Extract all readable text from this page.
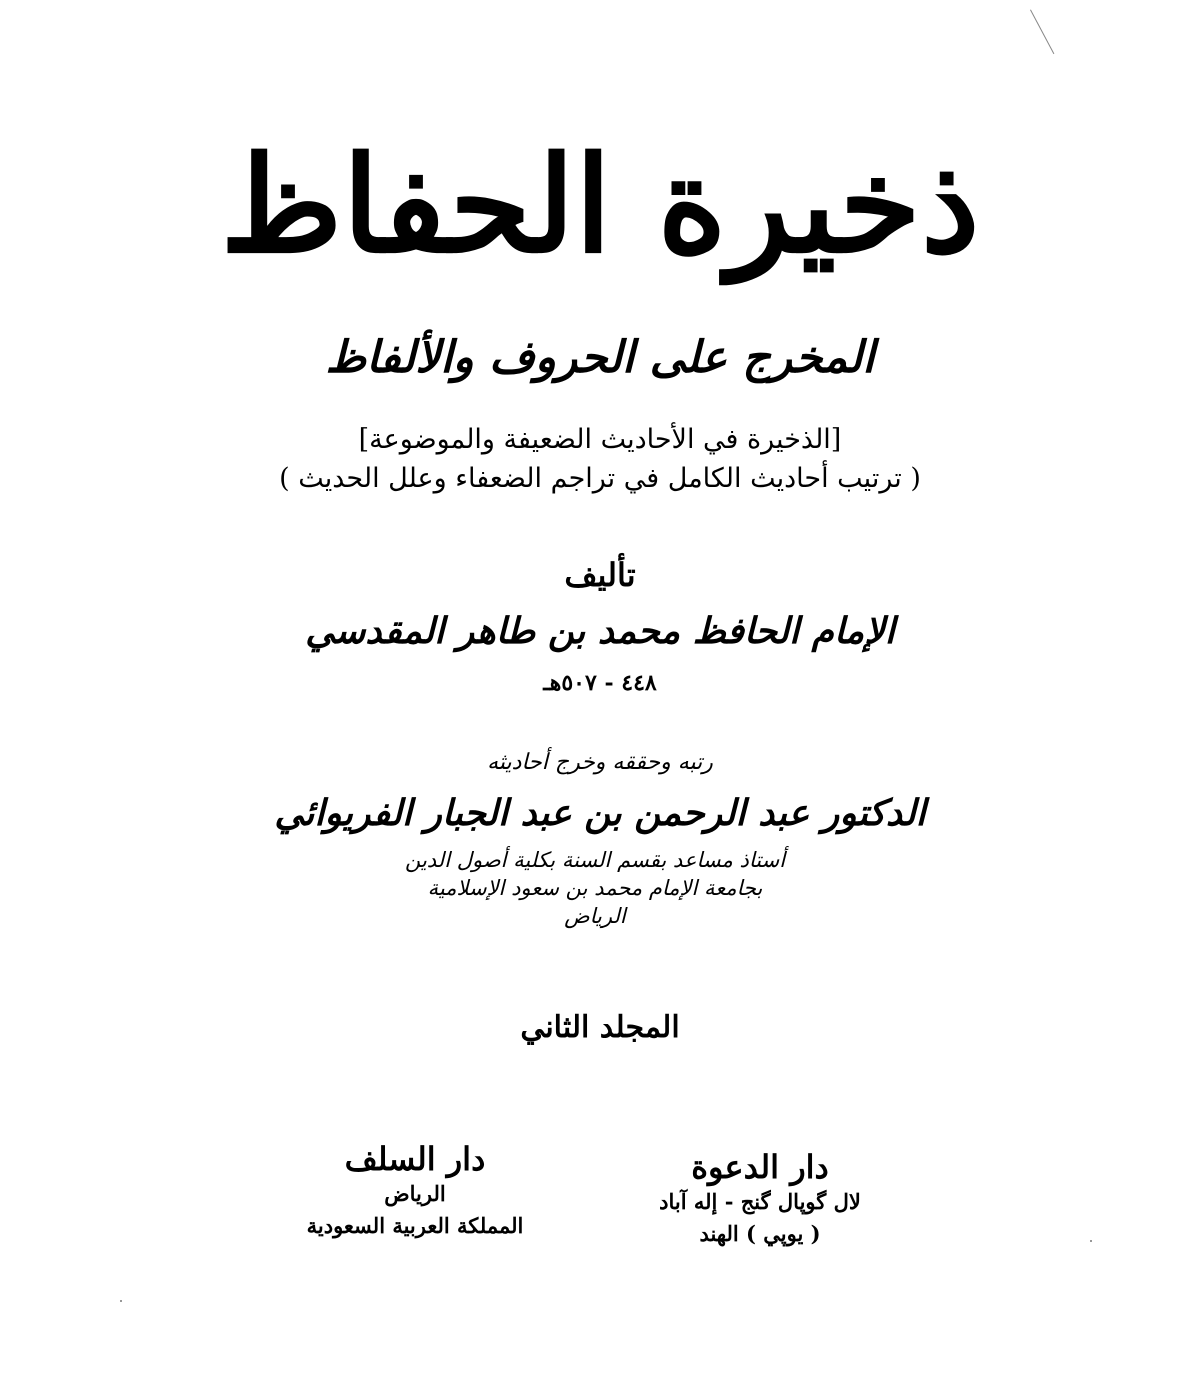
ذخيرة الحفاظ
المخرج على الحروف والألفاظ
[الذخيرة في الأحاديث الضعيفة والموضوعة]
( ترتيب أحاديث الكامل في تراجم الضعفاء وعلل الحديث )
تأليف
الإمام الحافظ محمد بن طاهر المقدسي
٤٤٨ - ٥٠٧هـ
رتبه وحققه وخرج أحاديثه
الدكتور عبد الرحمن بن عبد الجبار الفريوائي
أستاذ مساعد بقسم السنة بكلية أصول الدين
بجامعة الإمام محمد بن سعود الإسلامية
الرياض
المجلد الثاني
دار الدعوة
لال گوپال گنج - إله آباد
( يوپي ) الهند
دار السلف
الرياض
المملكة العربية السعودية
